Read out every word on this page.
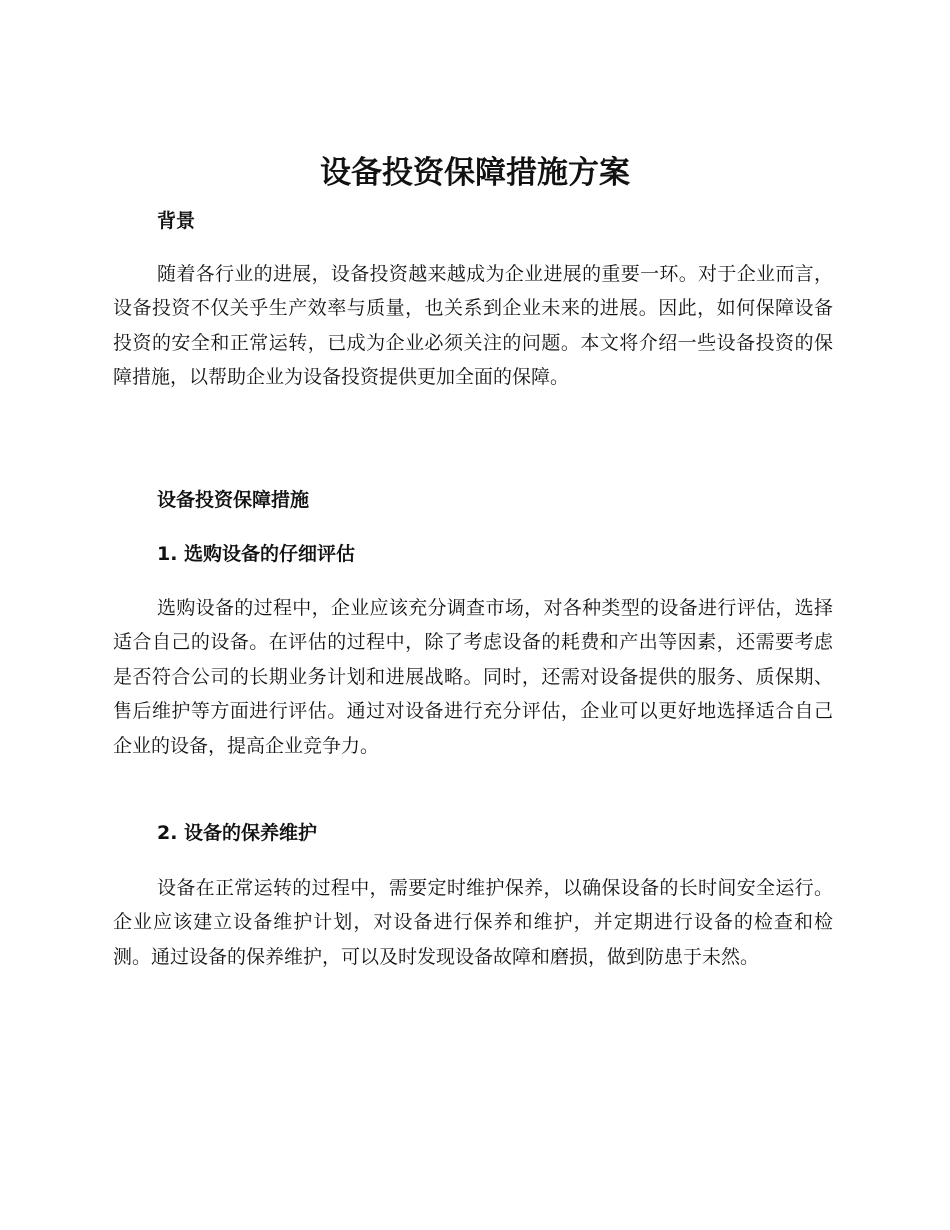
设备投资保障措施方案
背景

随着各行业的进展，设备投资越来越成为企业进展的重要一环。对于企业而言，设备投资不仅关乎生产效率与质量，也关系到企业未来的进展。因此，如何保障设备投资的安全和正常运转，已成为企业必须关注的问题。本文将介绍一些设备投资的保障措施，以帮助企业为设备投资提供更加全面的保障。

设备投资保障措施
1. 选购设备的仔细评估

选购设备的过程中，企业应该充分调查市场，对各种类型的设备进行评估，选择适合自己的设备。在评估的过程中，除了考虑设备的耗费和产出等因素，还需要考虑是否符合公司的长期业务计划和进展战略。同时，还需对设备提供的服务、质保期、售后维护等方面进行评估。通过对设备进行充分评估，企业可以更好地选择适合自己企业的设备，提高企业竞争力。

2. 设备的保养维护

设备在正常运转的过程中，需要定时维护保养，以确保设备的长时间安全运行。企业应该建立设备维护计划，对设备进行保养和维护，并定期进行设备的检查和检测。通过设备的保养维护，可以及时发现设备故障和磨损，做到防患于未然。
